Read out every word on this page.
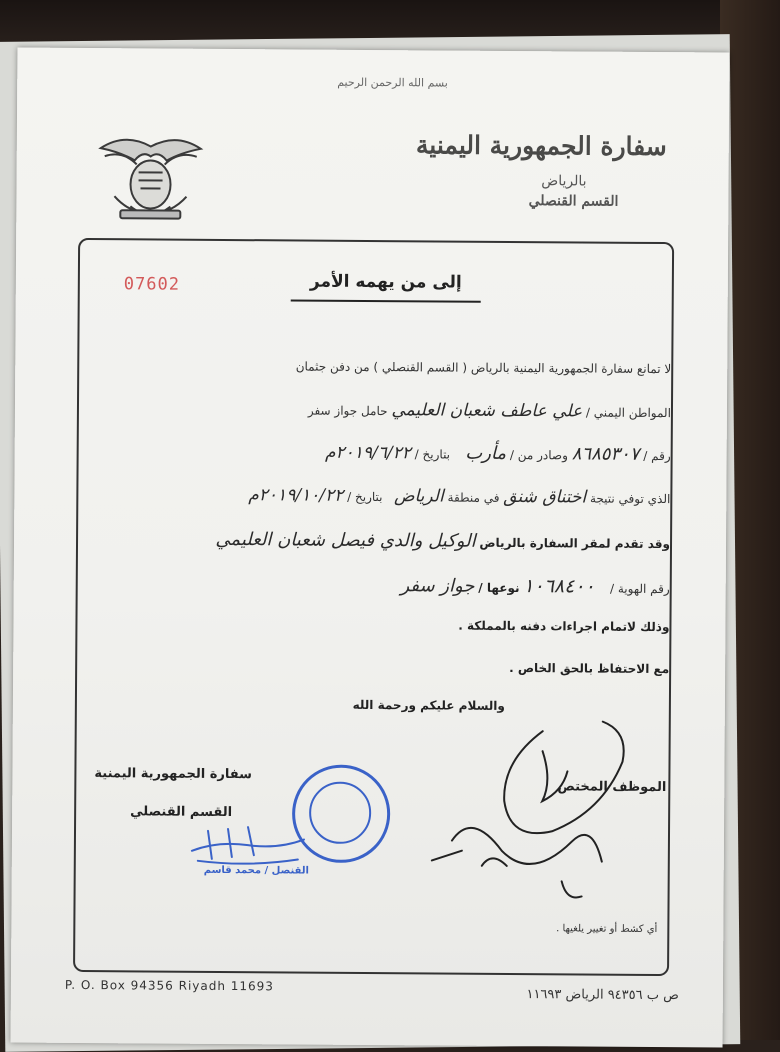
بسم الله الرحمن الرحيم
سفارة الجمهورية اليمنية
بالرياض
القسم القنصلي
07602	إلى من يهمه الأمر
لا تمانع سفارة الجمهورية اليمنية بالرياض ( القسم القنصلي ) من دفن جثمان
المواطن اليمني / علي عاطف شعبان العليمي حامل جواز سفر
رقم / ٨٦٨٥٣٠٧ وصادر من / مأرب    بتاريخ / ٢٠١٩/٦/٢٢م
الذي توفي نتيجة اختناق شنق في منطقة الرياض   بتاريخ / ٢٠١٩/١٠/٢٢م
وقد تقدم لمقر السفارة بالرياض الوكيل والدي فيصل شعبان العليمي
رقم الهوية /    ١٠٦٨٤٠٠ نوعها / جواز سفر
وذلك لاتمام اجراءات دفنه بالمملكة .
مع الاحتفاظ بالحق الخاص .
والسلام عليكم ورحمة الله
الموظف المختص
سفارة الجمهورية اليمنية
القسم القنصلي
القنصل / محمد قاسم
أي كشط أو تغيير يلغيها .
P. O. Box 94356 Riyadh 11693
ص ب ٩٤٣٥٦ الرياض ١١٦٩٣
